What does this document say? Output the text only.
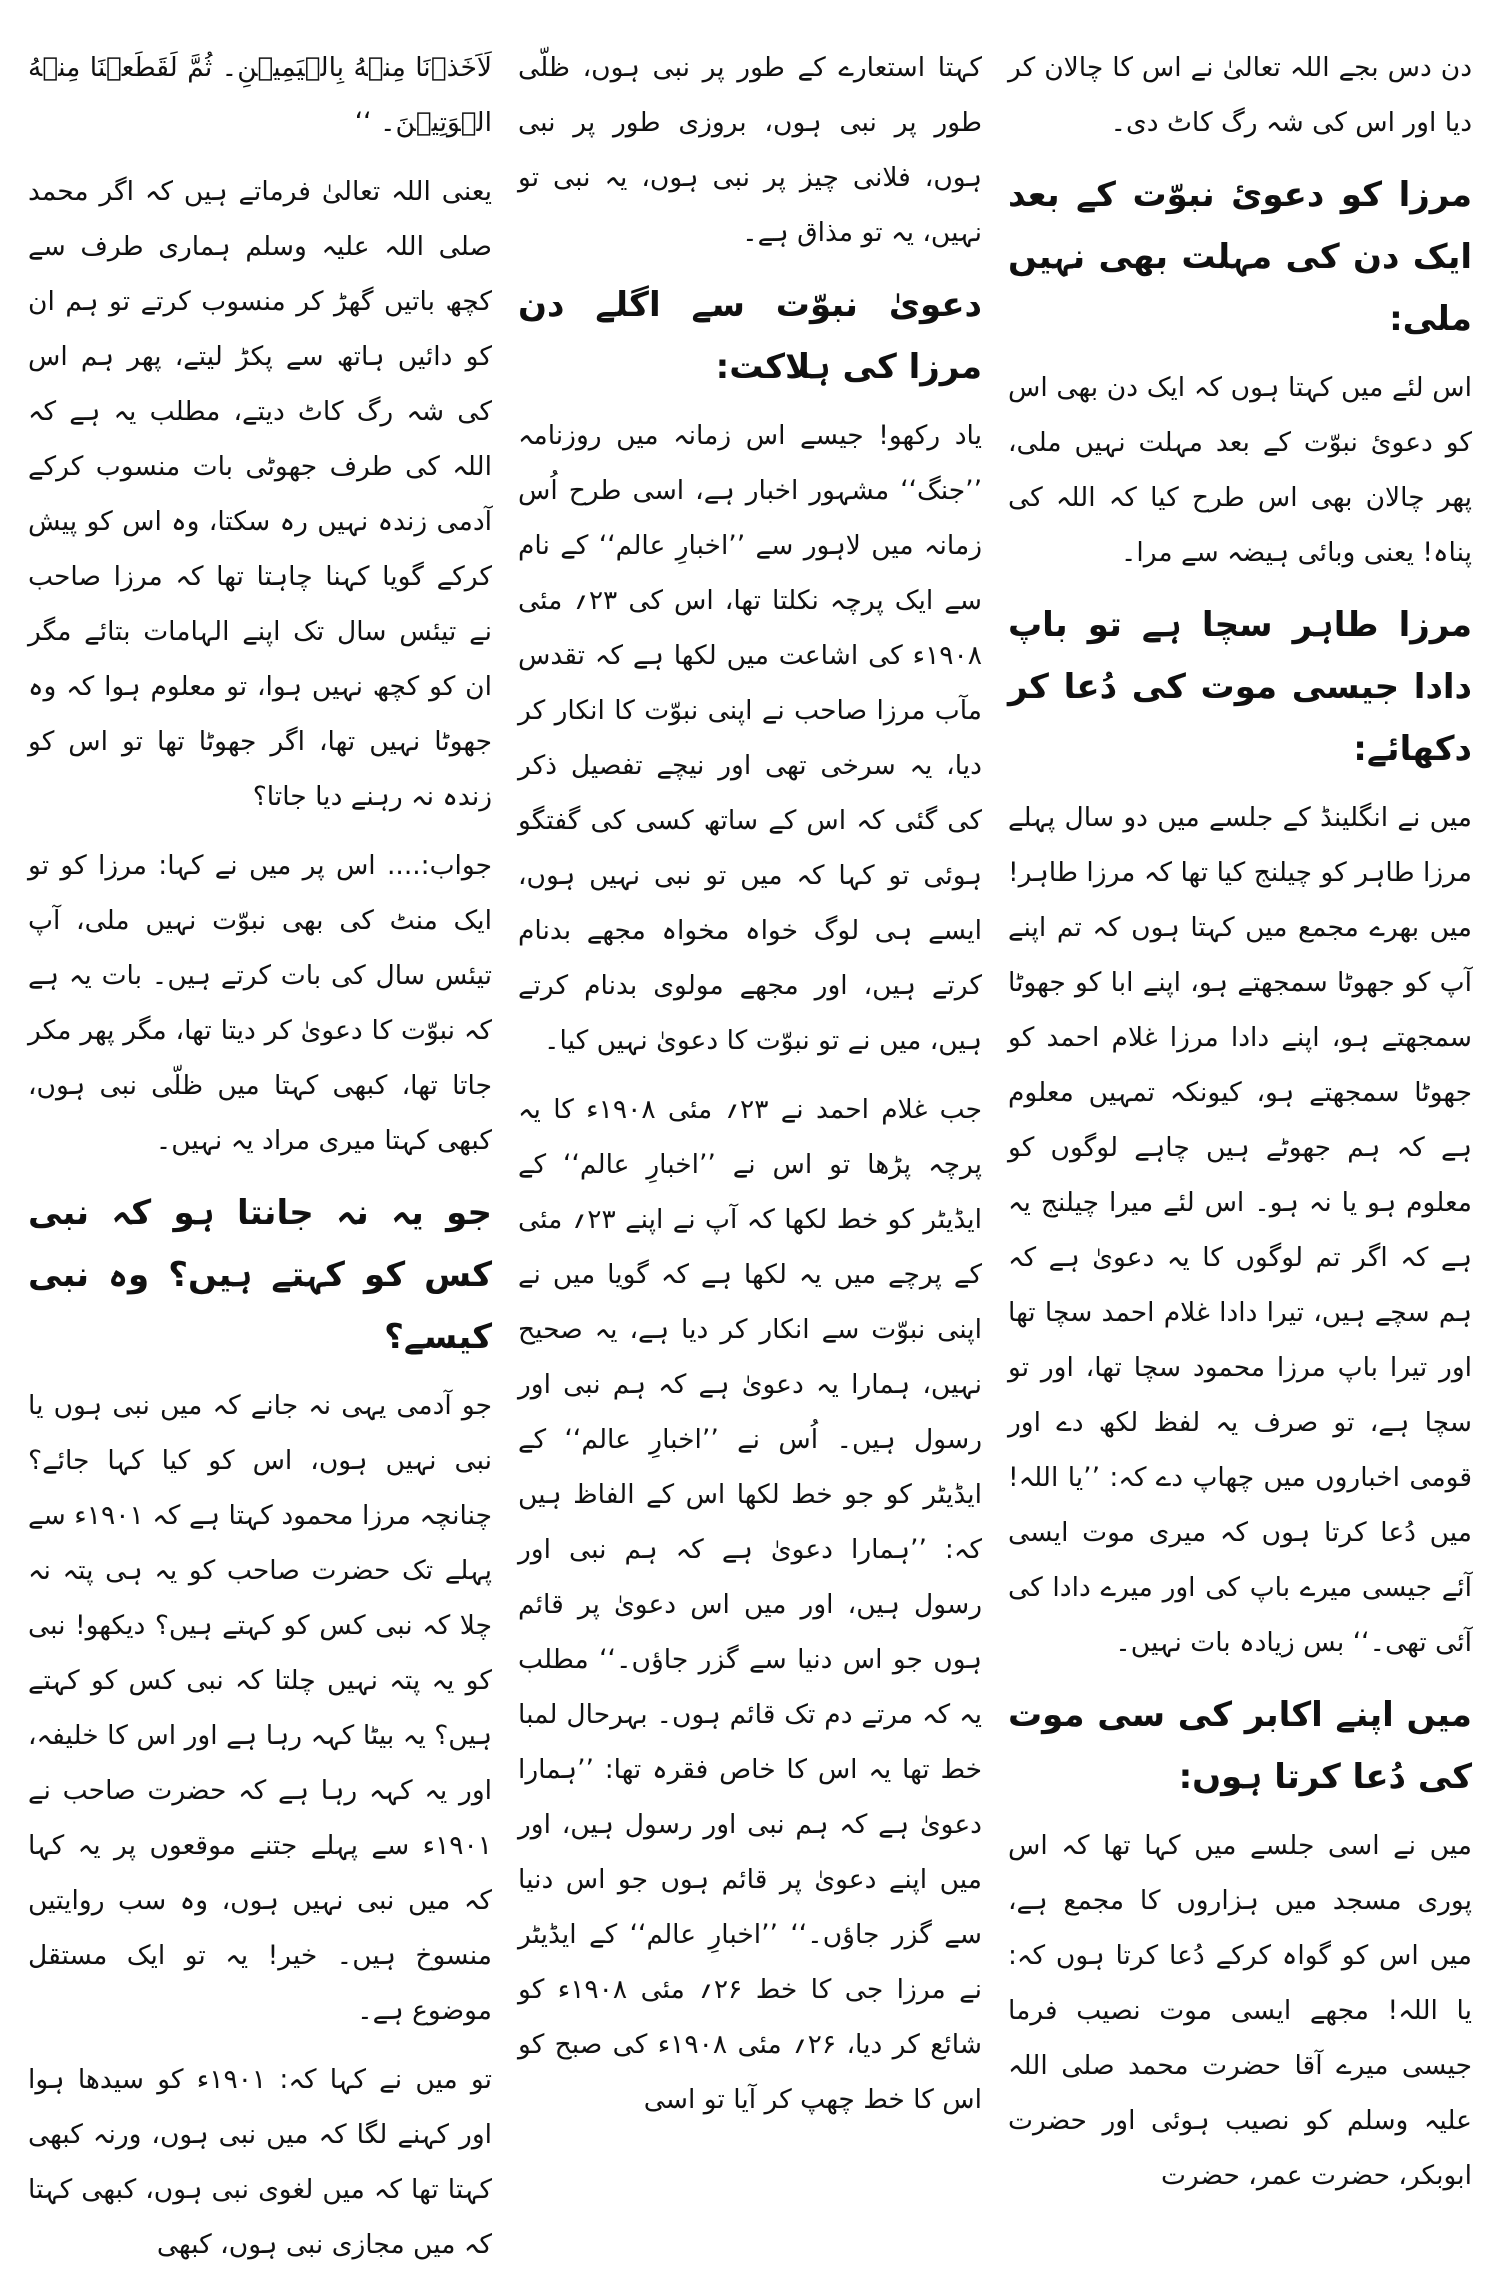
لَاَخَذۡنَا مِنۡهُ بِالۡیَمِیۡنِ۔ ثُمَّ لَقَطَعۡنَا مِنۡهُ الۡوَتِیۡنَ۔ ‘‘
یعنی اللہ تعالیٰ فرماتے ہیں کہ اگر محمد صلی اللہ علیہ وسلم ہماری طرف سے کچھ باتیں گھڑ کر منسوب کرتے تو ہم ان کو دائیں ہاتھ سے پکڑ لیتے، پھر ہم اس کی شہ رگ کاٹ دیتے، مطلب یہ ہے کہ اللہ کی طرف جھوٹی بات منسوب کرکے آدمی زندہ نہیں رہ سکتا، وہ اس کو پیش کرکے گویا کہنا چاہتا تھا کہ مرزا صاحب نے تیئس سال تک اپنے الہامات بتائے مگر ان کو کچھ نہیں ہوا، تو معلوم ہوا کہ وہ جھوٹا نہیں تھا، اگر جھوٹا تھا تو اس کو زندہ نہ رہنے دیا جاتا؟
جواب:.... اس پر میں نے کہا: مرزا کو تو ایک منٹ کی بھی نبوّت نہیں ملی، آپ تیئس سال کی بات کرتے ہیں۔ بات یہ ہے کہ نبوّت کا دعویٰ کر دیتا تھا، مگر پھر مکر جاتا تھا، کبھی کہتا میں ظلّی نبی ہوں، کبھی کہتا میری مراد یہ نہیں۔
جو یہ نہ جانتا ہو کہ نبی کس کو کہتے ہیں؟ وہ نبی کیسے؟
جو آدمی یہی نہ جانے کہ میں نبی ہوں یا نبی نہیں ہوں، اس کو کیا کہا جائے؟ چنانچہ مرزا محمود کہتا ہے کہ ۱۹۰۱ء سے پہلے تک حضرت صاحب کو یہ ہی پتہ نہ چلا کہ نبی کس کو کہتے ہیں؟ دیکھو! نبی کو یہ پتہ نہیں چلتا کہ نبی کس کو کہتے ہیں؟ یہ بیٹا کہہ رہا ہے اور اس کا خلیفہ، اور یہ کہہ رہا ہے کہ حضرت صاحب نے ۱۹۰۱ء سے پہلے جتنے موقعوں پر یہ کہا کہ میں نبی نہیں ہوں، وہ سب روایتیں منسوخ ہیں۔ خیر! یہ تو ایک مستقل موضوع ہے۔
تو میں نے کہا کہ: ۱۹۰۱ء کو سیدھا ہوا اور کہنے لگا کہ میں نبی ہوں، ورنہ کبھی کہتا تھا کہ میں لغوی نبی ہوں، کبھی کہتا کہ میں مجازی نبی ہوں، کبھی
کہتا استعارے کے طور پر نبی ہوں، ظلّی طور پر نبی ہوں، بروزی طور پر نبی ہوں، فلانی چیز پر نبی ہوں، یہ نبی تو نہیں، یہ تو مذاق ہے۔
دعویٰ نبوّت سے اگلے دن مرزا کی ہلاکت:
یاد رکھو! جیسے اس زمانہ میں روزنامہ ’’جنگ‘‘ مشہور اخبار ہے، اسی طرح اُس زمانہ میں لاہور سے ’’اخبارِ عالم‘‘ کے نام سے ایک پرچہ نکلتا تھا، اس کی ۲۳؍ مئی ۱۹۰۸ء کی اشاعت میں لکھا ہے کہ تقدس مآب مرزا صاحب نے اپنی نبوّت کا انکار کر دیا، یہ سرخی تھی اور نیچے تفصیل ذکر کی گئی کہ اس کے ساتھ کسی کی گفتگو ہوئی تو کہا کہ میں تو نبی نہیں ہوں، ایسے ہی لوگ خواہ مخواہ مجھے بدنام کرتے ہیں، اور مجھے مولوی بدنام کرتے ہیں، میں نے تو نبوّت کا دعویٰ نہیں کیا۔
جب غلام احمد نے ۲۳؍ مئی ۱۹۰۸ء کا یہ پرچہ پڑھا تو اس نے ’’اخبارِ عالم‘‘ کے ایڈیٹر کو خط لکھا کہ آپ نے اپنے ۲۳؍ مئی کے پرچے میں یہ لکھا ہے کہ گویا میں نے اپنی نبوّت سے انکار کر دیا ہے، یہ صحیح نہیں، ہمارا یہ دعویٰ ہے کہ ہم نبی اور رسول ہیں۔ اُس نے ’’اخبارِ عالم‘‘ کے ایڈیٹر کو جو خط لکھا اس کے الفاظ ہیں کہ: ’’ہمارا دعویٰ ہے کہ ہم نبی اور رسول ہیں، اور میں اس دعویٰ پر قائم ہوں جو اس دنیا سے گزر جاؤں۔‘‘ مطلب یہ کہ مرتے دم تک قائم ہوں۔ بہرحال لمبا خط تھا یہ اس کا خاص فقرہ تھا: ’’ہمارا دعویٰ ہے کہ ہم نبی اور رسول ہیں، اور میں اپنے دعویٰ پر قائم ہوں جو اس دنیا سے گزر جاؤں۔‘‘ ’’اخبارِ عالم‘‘ کے ایڈیٹر نے مرزا جی کا خط ۲۶؍ مئی ۱۹۰۸ء کو شائع کر دیا، ۲۶؍ مئی ۱۹۰۸ء کی صبح کو اس کا خط چھپ کر آیا تو اسی
دن دس بجے اللہ تعالیٰ نے اس کا چالان کر دیا اور اس کی شہ رگ کاٹ دی۔
مرزا کو دعویٔ نبوّت کے بعد ایک دن کی مہلت بھی نہیں ملی:
اس لئے میں کہتا ہوں کہ ایک دن بھی اس کو دعویٔ نبوّت کے بعد مہلت نہیں ملی، پھر چالان بھی اس طرح کیا کہ اللہ کی پناہ! یعنی وبائی ہیضہ سے مرا۔
مرزا طاہر سچا ہے تو باپ دادا جیسی موت کی دُعا کر دکھائے:
میں نے انگلینڈ کے جلسے میں دو سال پہلے مرزا طاہر کو چیلنج کیا تھا کہ مرزا طاہر! میں بھرے مجمع میں کہتا ہوں کہ تم اپنے آپ کو جھوٹا سمجھتے ہو، اپنے ابا کو جھوٹا سمجھتے ہو، اپنے دادا مرزا غلام احمد کو جھوٹا سمجھتے ہو، کیونکہ تمہیں معلوم ہے کہ ہم جھوٹے ہیں چاہے لوگوں کو معلوم ہو یا نہ ہو۔ اس لئے میرا چیلنج یہ ہے کہ اگر تم لوگوں کا یہ دعویٰ ہے کہ ہم سچے ہیں، تیرا دادا غلام احمد سچا تھا اور تیرا باپ مرزا محمود سچا تھا، اور تو سچا ہے، تو صرف یہ لفظ لکھ دے اور قومی اخباروں میں چھاپ دے کہ: ’’یا اللہ! میں دُعا کرتا ہوں کہ میری موت ایسی آئے جیسی میرے باپ کی اور میرے دادا کی آئی تھی۔‘‘ بس زیادہ بات نہیں۔
میں اپنے اکابر کی سی موت کی دُعا کرتا ہوں:
میں نے اسی جلسے میں کہا تھا کہ اس پوری مسجد میں ہزاروں کا مجمع ہے، میں اس کو گواہ کرکے دُعا کرتا ہوں کہ: یا اللہ! مجھے ایسی موت نصیب فرما جیسی میرے آقا حضرت محمد صلی اللہ علیہ وسلم کو نصیب ہوئی اور حضرت ابوبکر، حضرت عمر، حضرت
